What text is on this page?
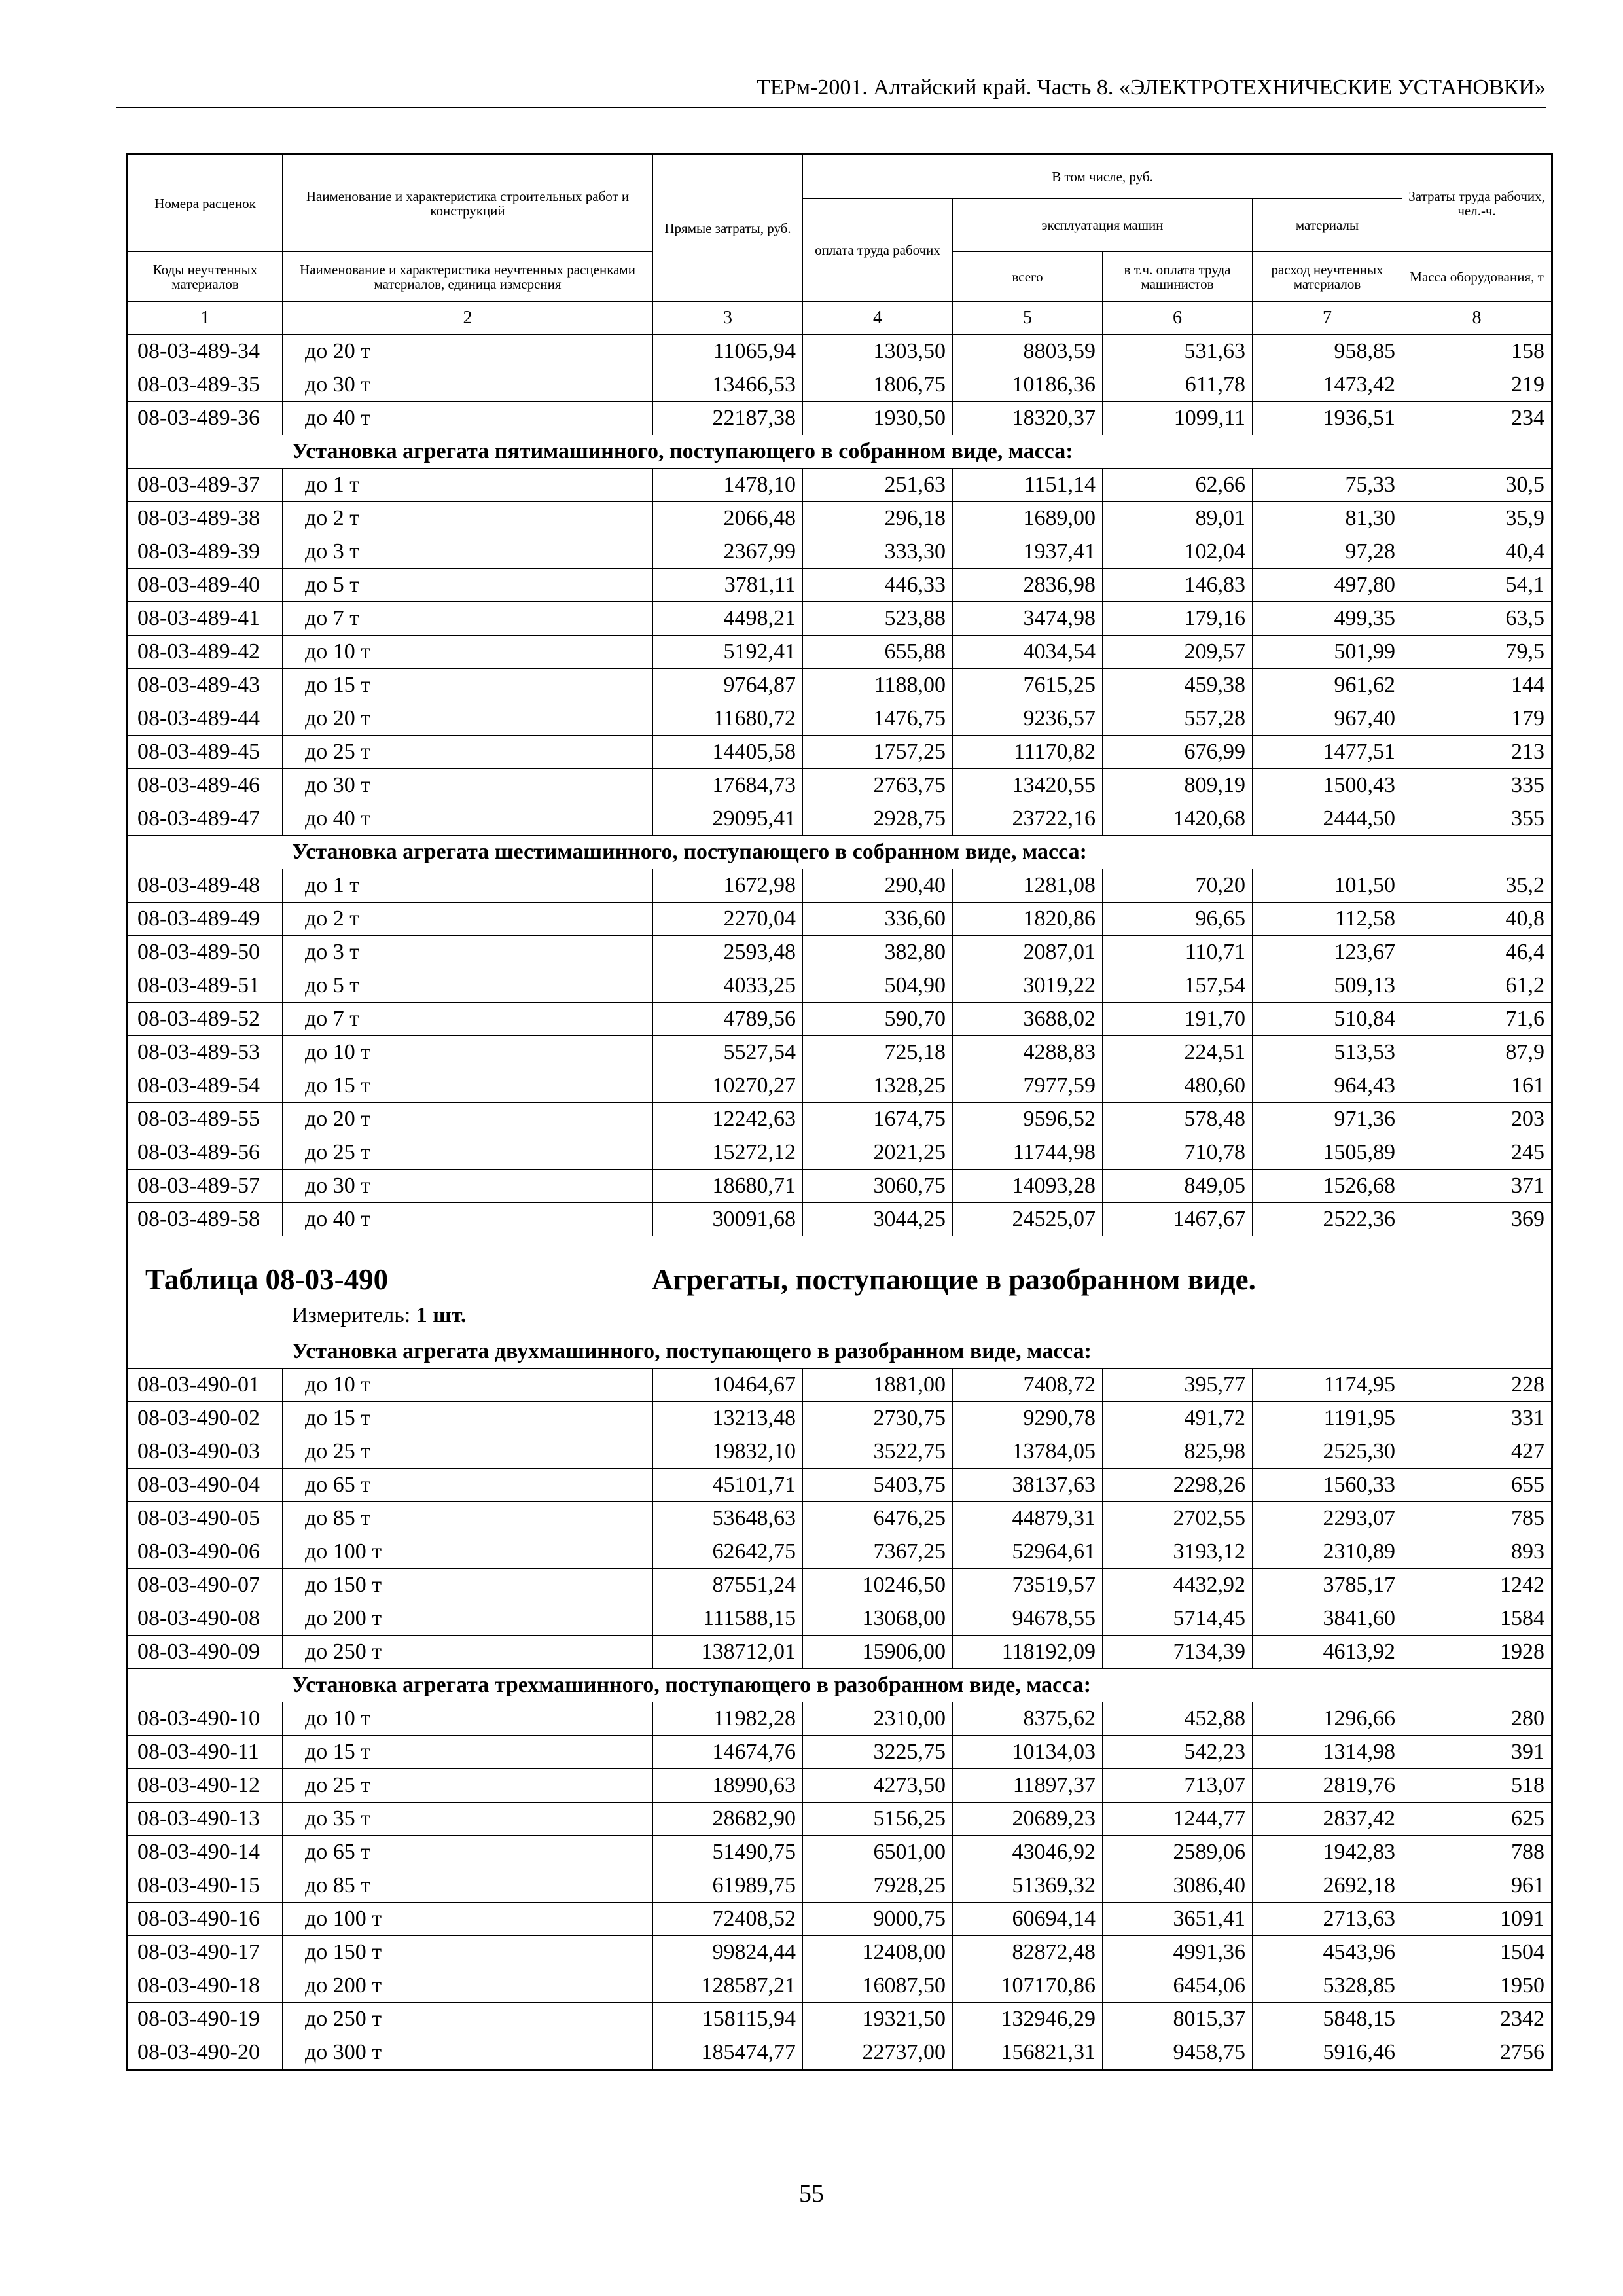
ТЕРм-2001. Алтайский край. Часть 8. «ЭЛЕКТРОТЕХНИЧЕСКИЕ УСТАНОВКИ»
Номера расценок	Наименование и характеристика строительных работ и конструкций	Прямые затраты, руб.	В том числе, руб.				Затраты труда рабочих, чел.-ч.
			оплата труда рабочих	эксплуатация машин		материалы	
Коды неучтенных материалов	Наименование и характеристика неучтенных расценками материалов, единица измерения			всего	в т.ч. оплата труда машинистов	расход неучтенных материалов	Масса оборудования, т
1	2	3	4	5	6	7	8
08-03-489-34	до 20 т	11065,94	1303,50	8803,59	531,63	958,85	158
08-03-489-35	до 30 т	13466,53	1806,75	10186,36	611,78	1473,42	219
08-03-489-36	до 40 т	22187,38	1930,50	18320,37	1099,11	1936,51	234
Установка агрегата пятимашинного, поступающего в собранном виде, масса:							
08-03-489-37	до 1 т	1478,10	251,63	1151,14	62,66	75,33	30,5
08-03-489-38	до 2 т	2066,48	296,18	1689,00	89,01	81,30	35,9
08-03-489-39	до 3 т	2367,99	333,30	1937,41	102,04	97,28	40,4
08-03-489-40	до 5 т	3781,11	446,33	2836,98	146,83	497,80	54,1
08-03-489-41	до 7 т	4498,21	523,88	3474,98	179,16	499,35	63,5
08-03-489-42	до 10 т	5192,41	655,88	4034,54	209,57	501,99	79,5
08-03-489-43	до 15 т	9764,87	1188,00	7615,25	459,38	961,62	144
08-03-489-44	до 20 т	11680,72	1476,75	9236,57	557,28	967,40	179
08-03-489-45	до 25 т	14405,58	1757,25	11170,82	676,99	1477,51	213
08-03-489-46	до 30 т	17684,73	2763,75	13420,55	809,19	1500,43	335
08-03-489-47	до 40 т	29095,41	2928,75	23722,16	1420,68	2444,50	355
Установка агрегата шестимашинного, поступающего в собранном виде, масса:							
08-03-489-48	до 1 т	1672,98	290,40	1281,08	70,20	101,50	35,2
08-03-489-49	до 2 т	2270,04	336,60	1820,86	96,65	112,58	40,8
08-03-489-50	до 3 т	2593,48	382,80	2087,01	110,71	123,67	46,4
08-03-489-51	до 5 т	4033,25	504,90	3019,22	157,54	509,13	61,2
08-03-489-52	до 7 т	4789,56	590,70	3688,02	191,70	510,84	71,6
08-03-489-53	до 10 т	5527,54	725,18	4288,83	224,51	513,53	87,9
08-03-489-54	до 15 т	10270,27	1328,25	7977,59	480,60	964,43	161
08-03-489-55	до 20 т	12242,63	1674,75	9596,52	578,48	971,36	203
08-03-489-56	до 25 т	15272,12	2021,25	11744,98	710,78	1505,89	245
08-03-489-57	до 30 т	18680,71	3060,75	14093,28	849,05	1526,68	371
08-03-489-58	до 40 т	30091,68	3044,25	24525,07	1467,67	2522,36	369

Таблица 08-03-490 Агрегаты, поступающие в разобранном виде.
Измеритель: 1 шт.							

Установка агрегата двухмашинного, поступающего в разобранном виде, масса:							
08-03-490-01	до 10 т	10464,67	1881,00	7408,72	395,77	1174,95	228
08-03-490-02	до 15 т	13213,48	2730,75	9290,78	491,72	1191,95	331
08-03-490-03	до 25 т	19832,10	3522,75	13784,05	825,98	2525,30	427
08-03-490-04	до 65 т	45101,71	5403,75	38137,63	2298,26	1560,33	655
08-03-490-05	до 85 т	53648,63	6476,25	44879,31	2702,55	2293,07	785
08-03-490-06	до 100 т	62642,75	7367,25	52964,61	3193,12	2310,89	893
08-03-490-07	до 150 т	87551,24	10246,50	73519,57	4432,92	3785,17	1242
08-03-490-08	до 200 т	111588,15	13068,00	94678,55	5714,45	3841,60	1584
08-03-490-09	до 250 т	138712,01	15906,00	118192,09	7134,39	4613,92	1928
Установка агрегата трехмашинного, поступающего в разобранном виде, масса:							
08-03-490-10	до 10 т	11982,28	2310,00	8375,62	452,88	1296,66	280
08-03-490-11	до 15 т	14674,76	3225,75	10134,03	542,23	1314,98	391
08-03-490-12	до 25 т	18990,63	4273,50	11897,37	713,07	2819,76	518
08-03-490-13	до 35 т	28682,90	5156,25	20689,23	1244,77	2837,42	625
08-03-490-14	до 65 т	51490,75	6501,00	43046,92	2589,06	1942,83	788
08-03-490-15	до 85 т	61989,75	7928,25	51369,32	3086,40	2692,18	961
08-03-490-16	до 100 т	72408,52	9000,75	60694,14	3651,41	2713,63	1091
08-03-490-17	до 150 т	99824,44	12408,00	82872,48	4991,36	4543,96	1504
08-03-490-18	до 200 т	128587,21	16087,50	107170,86	6454,06	5328,85	1950
08-03-490-19	до 250 т	158115,94	19321,50	132946,29	8015,37	5848,15	2342
08-03-490-20	до 300 т	185474,77	22737,00	156821,31	9458,75	5916,46	2756
55
